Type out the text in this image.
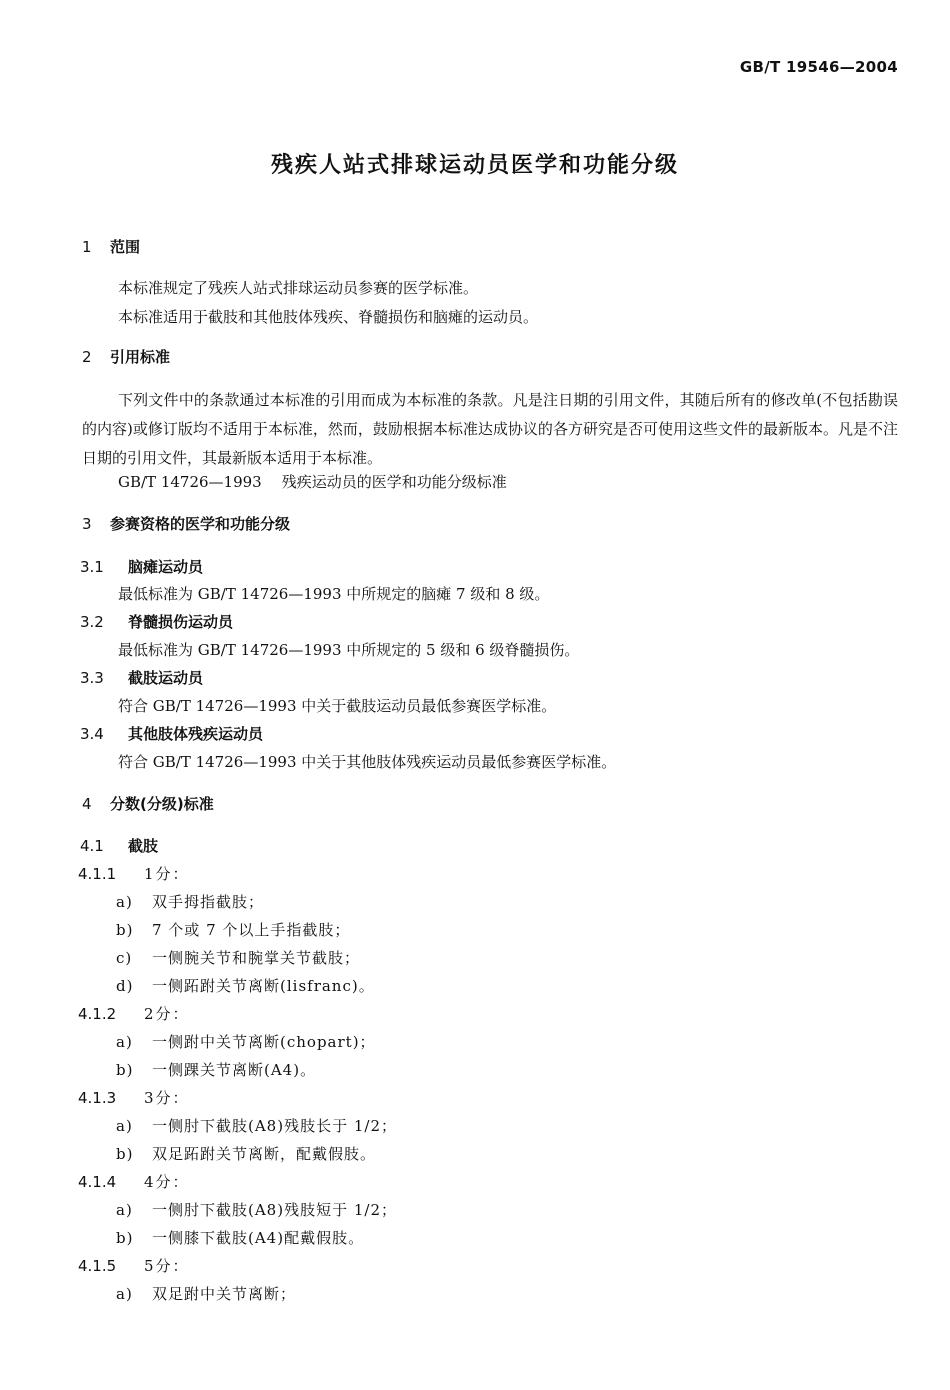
GB/T 19546—2004
残疾人站式排球运动员医学和功能分级
1 范围
本标准规定了残疾人站式排球运动员参赛的医学标准。
本标准适用于截肢和其他肢体残疾、脊髓损伤和脑瘫的运动员。
2 引用标准
下列文件中的条款通过本标准的引用而成为本标准的条款。凡是注日期的引用文件，其随后所有的修改单(不包括勘误的内容)或修订版均不适用于本标准，然而，鼓励根据本标准达成协议的各方研究是否可使用这些文件的最新版本。凡是不注日期的引用文件，其最新版本适用于本标准。
GB/T 14726—1993 残疾运动员的医学和功能分级标准
3 参赛资格的医学和功能分级
3.1 脑瘫运动员
最低标准为 GB/T 14726—1993 中所规定的脑瘫 7 级和 8 级。
3.2 脊髓损伤运动员
最低标准为 GB/T 14726—1993 中所规定的 5 级和 6 级脊髓损伤。
3.3 截肢运动员
符合 GB/T 14726—1993 中关于截肢运动员最低参赛医学标准。
3.4 其他肢体残疾运动员
符合 GB/T 14726—1993 中关于其他肢体残疾运动员最低参赛医学标准。
4 分数(分级)标准
4.1 截肢
4.1.1 1分：
a) 双手拇指截肢；
b) 7 个或 7 个以上手指截肢；
c) 一侧腕关节和腕掌关节截肢；
d) 一侧跖跗关节离断(lisfranc)。
4.1.2 2分：
a) 一侧跗中关节离断(chopart)；
b) 一侧踝关节离断(A4)。
4.1.3 3分：
a) 一侧肘下截肢(A8)残肢长于 1/2；
b) 双足跖跗关节离断，配戴假肢。
4.1.4 4分：
a) 一侧肘下截肢(A8)残肢短于 1/2；
b) 一侧膝下截肢(A4)配戴假肢。
4.1.5 5分：
a) 双足跗中关节离断；
